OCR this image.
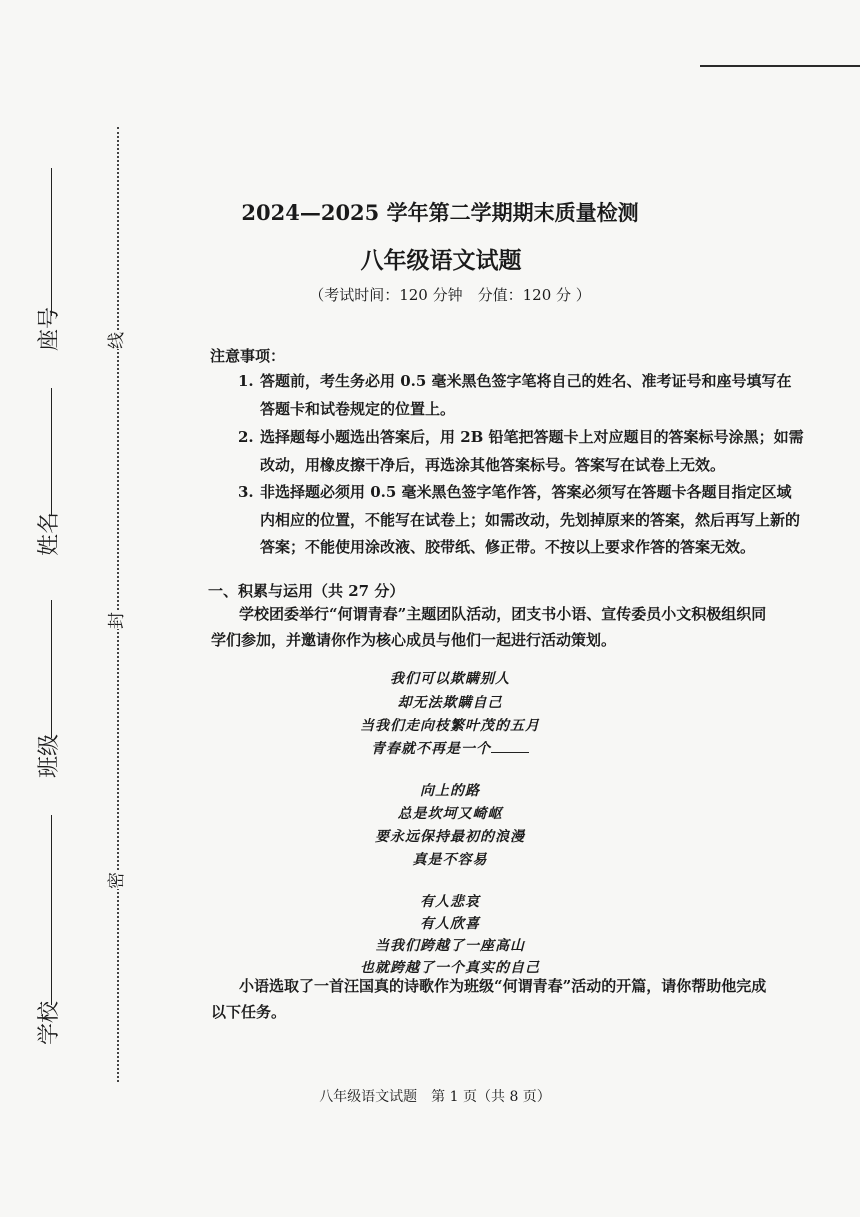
线
封
密
座号
姓名
班级
学校
2024—2025 学年第二学期期末质量检测
八年级语文试题
（考试时间：120 分钟　分值：120 分 ）
注意事项：
1. 答题前，考生务必用 0.5 毫米黑色签字笔将自己的姓名、准考证号和座号填写在答题卡和试卷规定的位置上。
2. 选择题每小题选出答案后，用 2B 铅笔把答题卡上对应题目的答案标号涂黑；如需改动，用橡皮擦干净后，再选涂其他答案标号。答案写在试卷上无效。
3. 非选择题必须用 0.5 毫米黑色签字笔作答，答案必须写在答题卡各题目指定区域内相应的位置，不能写在试卷上；如需改动，先划掉原来的答案，然后再写上新的答案；不能使用涂改液、胶带纸、修正带。不按以上要求作答的答案无效。
一、积累与运用（共 27 分）
学校团委举行“何谓青春”主题团队活动，团支书小语、宣传委员小文积极组织同
学们参加，并邀请你作为核心成员与他们一起进行活动策划。
我们可以欺瞒别人
却无法欺瞒自己
当我们走向枝繁叶茂的五月
青春就不再是一个
向上的路
总是坎坷又崎岖
要永远保持最初的浪漫
真是不容易
有人悲哀
有人欣喜
当我们跨越了一座高山
也就跨越了一个真实的自己
小语选取了一首汪国真的诗歌作为班级“何谓青春”活动的开篇，请你帮助他完成
以下任务。
八年级语文试题　第 1 页（共 8 页）
